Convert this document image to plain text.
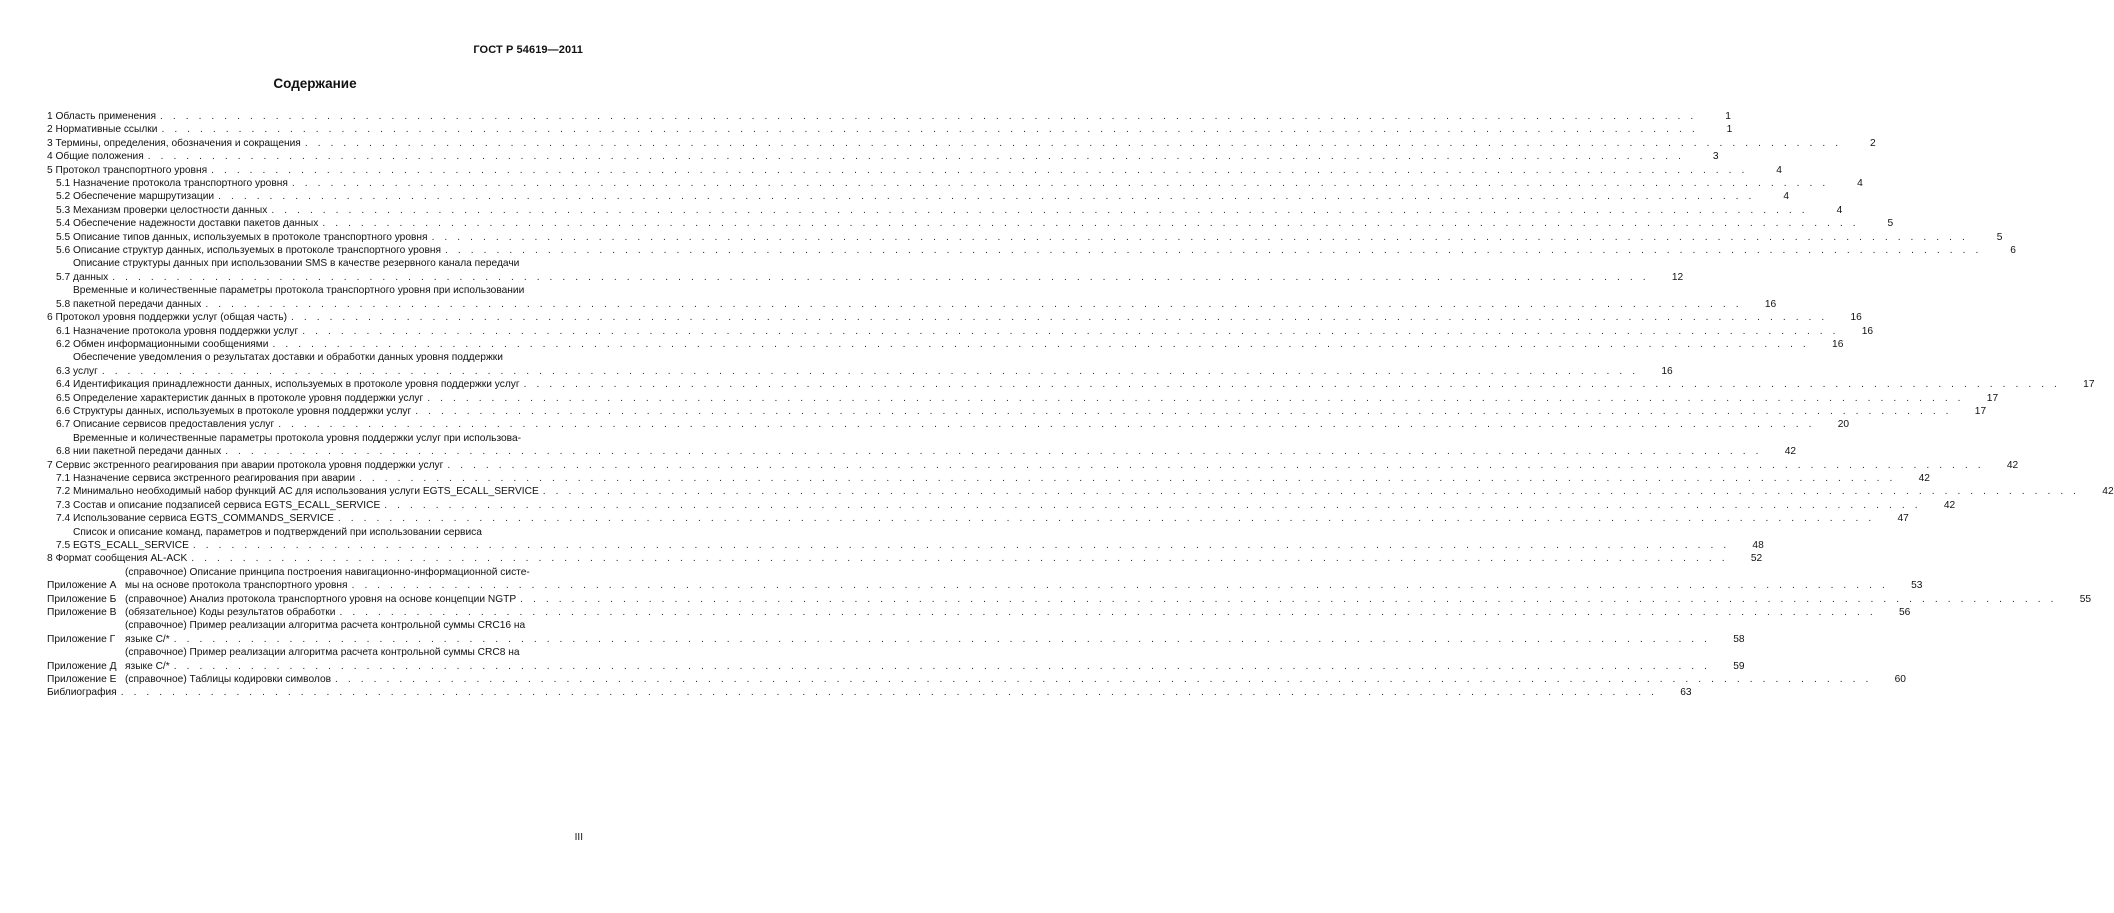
ГОСТ Р 54619—2011
Содержание
1 Область применения . . . . . . . . . . . . . . . . . . . . . . . . . . . . . . . . . . . . . . . . . . . . . . . . . . . . . . . . . . . . . . . . . . . . . . . . . . . . . . . . . . . . . . . . . . . . . . . . . . . . . . . . . . . . . . . . . . . . . . . .	1
2 Нормативные ссылки . . . . . . . . . . . . . . . . . . . . . . . . . . . . . . . . . . . . . . . . . . . . . . . . . . . . . . . . . . . . . . . . . . . . . . . . . . . . . . . . . . . . . . . . . . . . . . . . . . . . . . . . . . . . . . . . . . . . . . . .	1
3 Термины, определения, обозначения и сокращения . . . . . . . . . . . . . . . . . . . . . . . . . . . . . . . . . . . . . . . . . . . . . . . . . . . . . . . . . . . . . . . . . . . . . . . . . . . . . . . . . . . . . . . . . . . . . . . . . . . . . . . . . . . . . . . . . . . . . . . .	2
4 Общие положения . . . . . . . . . . . . . . . . . . . . . . . . . . . . . . . . . . . . . . . . . . . . . . . . . . . . . . . . . . . . . . . . . . . . . . . . . . . . . . . . . . . . . . . . . . . . . . . . . . . . . . . . . . . . . . . . . . . . . . . .	3
5 Протокол транспортного уровня . . . . . . . . . . . . . . . . . . . . . . . . . . . . . . . . . . . . . . . . . . . . . . . . . . . . . . . . . . . . . . . . . . . . . . . . . . . . . . . . . . . . . . . . . . . . . . . . . . . . . . . . . . . . . . . . . . . . . . . .	4
5.1 Назначение протокола транспортного уровня . . . . . . . . . . . . . . . . . . . . . . . . . . . . . . . . . . . . . . . . . . . . . . . . . . . . . . . . . . . . . . . . . . . . . . . . . . . . . . . . . . . . . . . . . . . . . . . . . . . . . . . . . . . . . . . . . . . . . . . .	4
5.2 Обеспечение маршрутизации . . . . . . . . . . . . . . . . . . . . . . . . . . . . . . . . . . . . . . . . . . . . . . . . . . . . . . . . . . . . . . . . . . . . . . . . . . . . . . . . . . . . . . . . . . . . . . . . . . . . . . . . . . . . . . . . . . . . . . . .	4
5.3 Механизм проверки целостности данных . . . . . . . . . . . . . . . . . . . . . . . . . . . . . . . . . . . . . . . . . . . . . . . . . . . . . . . . . . . . . . . . . . . . . . . . . . . . . . . . . . . . . . . . . . . . . . . . . . . . . . . . . . . . . . . . . . . . . . . .	4
5.4 Обеспечение надежности доставки пакетов данных . . . . . . . . . . . . . . . . . . . . . . . . . . . . . . . . . . . . . . . . . . . . . . . . . . . . . . . . . . . . . . . . . . . . . . . . . . . . . . . . . . . . . . . . . . . . . . . . . . . . . . . . . . . . . . . . . . . . . . . .	5
5.5 Описание типов данных, используемых в протоколе транспортного уровня . . . . . . . . . . . . . . . . . . . . . . . . . . . . . . . . . . . . . . . . . . . . . . . . . . . . . . . . . . . . . . . . . . . . . . . . . . . . . . . . . . . . . . . . . . . . . . . . . . . . . . . . . . . . . . . . . . . . . . . .	5
5.6 Описание структур данных, используемых в протоколе транспортного уровня . . . . . . . . . . . . . . . . . . . . . . . . . . . . . . . . . . . . . . . . . . . . . . . . . . . . . . . . . . . . . . . . . . . . . . . . . . . . . . . . . . . . . . . . . . . . . . . . . . . . . . . . . . . . . . . . . . . . . . . .	6
5.7
Описание структуры данных при использовании SMS в качестве резервного канала передачи
данных . . . . . . . . . . . . . . . . . . . . . . . . . . . . . . . . . . . . . . . . . . . . . . . . . . . . . . . . . . . . . . . . . . . . . . . . . . . . . . . . . . . . . . . . . . . . . . . . . . . . . . . . . . . . . . . . . . . . . . . .	12
5.8
Временные и количественные параметры протокола транспортного уровня при использовании
пакетной передачи данных . . . . . . . . . . . . . . . . . . . . . . . . . . . . . . . . . . . . . . . . . . . . . . . . . . . . . . . . . . . . . . . . . . . . . . . . . . . . . . . . . . . . . . . . . . . . . . . . . . . . . . . . . . . . . . . . . . . . . . . .	16
6 Протокол уровня поддержки услуг (общая часть) . . . . . . . . . . . . . . . . . . . . . . . . . . . . . . . . . . . . . . . . . . . . . . . . . . . . . . . . . . . . . . . . . . . . . . . . . . . . . . . . . . . . . . . . . . . . . . . . . . . . . . . . . . . . . . . . . . . . . . . .	16
6.1 Назначение протокола уровня поддержки услуг . . . . . . . . . . . . . . . . . . . . . . . . . . . . . . . . . . . . . . . . . . . . . . . . . . . . . . . . . . . . . . . . . . . . . . . . . . . . . . . . . . . . . . . . . . . . . . . . . . . . . . . . . . . . . . . . . . . . . . . .	16
6.2 Обмен информационными сообщениями . . . . . . . . . . . . . . . . . . . . . . . . . . . . . . . . . . . . . . . . . . . . . . . . . . . . . . . . . . . . . . . . . . . . . . . . . . . . . . . . . . . . . . . . . . . . . . . . . . . . . . . . . . . . . . . . . . . . . . . .	16
6.3
Обеспечение уведомления о результатах доставки и обработки данных уровня поддержки
услуг . . . . . . . . . . . . . . . . . . . . . . . . . . . . . . . . . . . . . . . . . . . . . . . . . . . . . . . . . . . . . . . . . . . . . . . . . . . . . . . . . . . . . . . . . . . . . . . . . . . . . . . . . . . . . . . . . . . . . . . .	16
6.4 Идентификация принадлежности данных, используемых в протоколе уровня поддержки услуг . . . . . . . . . . . . . . . . . . . . . . . . . . . . . . . . . . . . . . . . . . . . . . . . . . . . . . . . . . . . . . . . . . . . . . . . . . . . . . . . . . . . . . . . . . . . . . . . . . . . . . . . . . . . . . . . . . . . . . . .	17
6.5 Определение характеристик данных в протоколе уровня поддержки услуг . . . . . . . . . . . . . . . . . . . . . . . . . . . . . . . . . . . . . . . . . . . . . . . . . . . . . . . . . . . . . . . . . . . . . . . . . . . . . . . . . . . . . . . . . . . . . . . . . . . . . . . . . . . . . . . . . . . . . . . .	17
6.6 Структуры данных, используемых в протоколе уровня поддержки услуг . . . . . . . . . . . . . . . . . . . . . . . . . . . . . . . . . . . . . . . . . . . . . . . . . . . . . . . . . . . . . . . . . . . . . . . . . . . . . . . . . . . . . . . . . . . . . . . . . . . . . . . . . . . . . . . . . . . . . . . .	17
6.7 Описание сервисов предоставления услуг . . . . . . . . . . . . . . . . . . . . . . . . . . . . . . . . . . . . . . . . . . . . . . . . . . . . . . . . . . . . . . . . . . . . . . . . . . . . . . . . . . . . . . . . . . . . . . . . . . . . . . . . . . . . . . . . . . . . . . . .	20
6.8
Временные и количественные параметры протокола уровня поддержки услуг при использова-
нии пакетной передачи данных . . . . . . . . . . . . . . . . . . . . . . . . . . . . . . . . . . . . . . . . . . . . . . . . . . . . . . . . . . . . . . . . . . . . . . . . . . . . . . . . . . . . . . . . . . . . . . . . . . . . . . . . . . . . . . . . . . . . . . . .	42
7 Сервис экстренного реагирования при аварии протокола уровня поддержки услуг . . . . . . . . . . . . . . . . . . . . . . . . . . . . . . . . . . . . . . . . . . . . . . . . . . . . . . . . . . . . . . . . . . . . . . . . . . . . . . . . . . . . . . . . . . . . . . . . . . . . . . . . . . . . . . . . . . . . . . . .	42
7.1 Назначение сервиса экстренного реагирования при аварии . . . . . . . . . . . . . . . . . . . . . . . . . . . . . . . . . . . . . . . . . . . . . . . . . . . . . . . . . . . . . . . . . . . . . . . . . . . . . . . . . . . . . . . . . . . . . . . . . . . . . . . . . . . . . . . . . . . . . . . .	42
7.2 Минимально необходимый набор функций АС для использования услуги EGTS_ECALL_SERVICE . . . . . . . . . . . . . . . . . . . . . . . . . . . . . . . . . . . . . . . . . . . . . . . . . . . . . . . . . . . . . . . . . . . . . . . . . . . . . . . . . . . . . . . . . . . . . . . . . . . . . . . . . . . . . . . . . . . . . . . .	42
7.3 Состав и описание подзаписей сервиса EGTS_ECALL_SERVICE . . . . . . . . . . . . . . . . . . . . . . . . . . . . . . . . . . . . . . . . . . . . . . . . . . . . . . . . . . . . . . . . . . . . . . . . . . . . . . . . . . . . . . . . . . . . . . . . . . . . . . . . . . . . . . . . . . . . . . . .	42
7.4 Использование сервиса EGTS_COMMANDS_SERVICE . . . . . . . . . . . . . . . . . . . . . . . . . . . . . . . . . . . . . . . . . . . . . . . . . . . . . . . . . . . . . . . . . . . . . . . . . . . . . . . . . . . . . . . . . . . . . . . . . . . . . . . . . . . . . . . . . . . . . . . .	47
7.5
Список и описание команд, параметров и подтверждений при использовании сервиса
EGTS_ECALL_SERVICE . . . . . . . . . . . . . . . . . . . . . . . . . . . . . . . . . . . . . . . . . . . . . . . . . . . . . . . . . . . . . . . . . . . . . . . . . . . . . . . . . . . . . . . . . . . . . . . . . . . . . . . . . . . . . . . . . . . . . . . .	48
8 Формат сообщения AL-ACK . . . . . . . . . . . . . . . . . . . . . . . . . . . . . . . . . . . . . . . . . . . . . . . . . . . . . . . . . . . . . . . . . . . . . . . . . . . . . . . . . . . . . . . . . . . . . . . . . . . . . . . . . . . . . . . . . . . . . . . .	52
Приложение А
(справочное) Описание принципа построения навигационно-информационной систе-
мы на основе протокола транспортного уровня . . . . . . . . . . . . . . . . . . . . . . . . . . . . . . . . . . . . . . . . . . . . . . . . . . . . . . . . . . . . . . . . . . . . . . . . . . . . . . . . . . . . . . . . . . . . . . . . . . . . . . . . . . . . . . . . . . . . . . . .	53
Приложение Б (справочное) Анализ протокола транспортного уровня на основе концепции NGTP . . . . . . . . . . . . . . . . . . . . . . . . . . . . . . . . . . . . . . . . . . . . . . . . . . . . . . . . . . . . . . . . . . . . . . . . . . . . . . . . . . . . . . . . . . . . . . . . . . . . . . . . . . . . . . . . . . . . . . . .	55
Приложение В (обязательное) Коды результатов обработки . . . . . . . . . . . . . . . . . . . . . . . . . . . . . . . . . . . . . . . . . . . . . . . . . . . . . . . . . . . . . . . . . . . . . . . . . . . . . . . . . . . . . . . . . . . . . . . . . . . . . . . . . . . . . . . . . . . . . . . .	56
Приложение Г
(справочное) Пример реализации алгоритма расчета контрольной суммы CRC16 на
языке С/* . . . . . . . . . . . . . . . . . . . . . . . . . . . . . . . . . . . . . . . . . . . . . . . . . . . . . . . . . . . . . . . . . . . . . . . . . . . . . . . . . . . . . . . . . . . . . . . . . . . . . . . . . . . . . . . . . . . . . . . .	58
Приложение Д
(справочное) Пример реализации алгоритма расчета контрольной суммы CRC8 на
языке С/* . . . . . . . . . . . . . . . . . . . . . . . . . . . . . . . . . . . . . . . . . . . . . . . . . . . . . . . . . . . . . . . . . . . . . . . . . . . . . . . . . . . . . . . . . . . . . . . . . . . . . . . . . . . . . . . . . . . . . . . .	59
Приложение Е (справочное) Таблицы кодировки символов . . . . . . . . . . . . . . . . . . . . . . . . . . . . . . . . . . . . . . . . . . . . . . . . . . . . . . . . . . . . . . . . . . . . . . . . . . . . . . . . . . . . . . . . . . . . . . . . . . . . . . . . . . . . . . . . . . . . . . . .	60
Библиография . . . . . . . . . . . . . . . . . . . . . . . . . . . . . . . . . . . . . . . . . . . . . . . . . . . . . . . . . . . . . . . . . . . . . . . . . . . . . . . . . . . . . . . . . . . . . . . . . . . . . . . . . . . . . . . . . . . . . . . .	63
III
